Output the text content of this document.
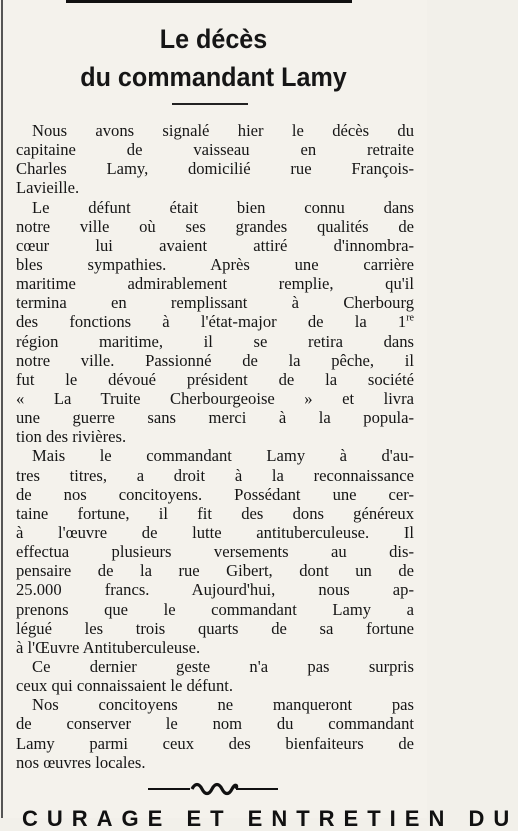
Le décès
du commandant Lamy

Nous avons signalé hier le décès du
capitaine de vaisseau en retraite
Charles Lamy, domicilié rue François-
Lavieille.

Le défunt était bien connu dans
notre ville où ses grandes qualités de
cœur lui avaient attiré d'innombra-
bles sympathies. Après une carrière
maritime admirablement remplie, qu'il
termina en remplissant à Cherbourg
des fonctions à l'état-major de la 1re
région maritime, il se retira dans
notre ville. Passionné de la pêche, il
fut le dévoué président de la société
« La Truite Cherbourgeoise » et livra
une guerre sans merci à la popula-
tion des rivières.

Mais le commandant Lamy à d'au-
tres titres, a droit à la reconnaissance
de nos concitoyens. Possédant une cer-
taine fortune, il fit des dons généreux
à l'œuvre de lutte antituberculeuse. Il
effectua plusieurs versements au dis-
pensaire de la rue Gibert, dont un de
25.000 francs. Aujourd'hui, nous ap-
prenons que le commandant Lamy a
légué les trois quarts de sa fortune
à l'Œuvre Antituberculeuse.

Ce dernier geste n'a pas surpris
ceux qui connaissaient le défunt.

Nos concitoyens ne manqueront pas
de conserver le nom du commandant
Lamy parmi ceux des bienfaiteurs de
nos œuvres locales.

CURAGE ET ENTRETIEN DU
